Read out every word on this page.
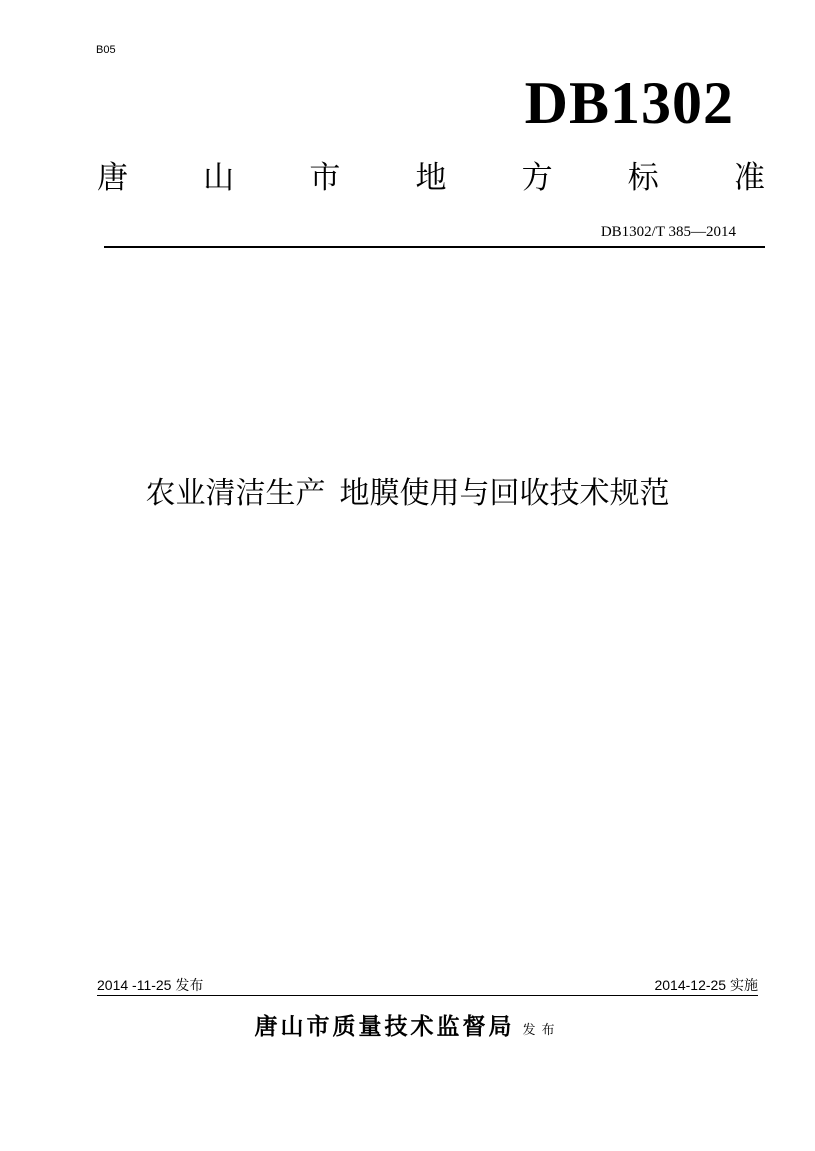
B05
DB1302
唐 山 市 地 方 标 准
DB1302/T 385—2014
农业清洁生产 地膜使用与回收技术规范
2014 -11-25 发布	2014-12-25 实施
唐山市质量技术监督局 发布
